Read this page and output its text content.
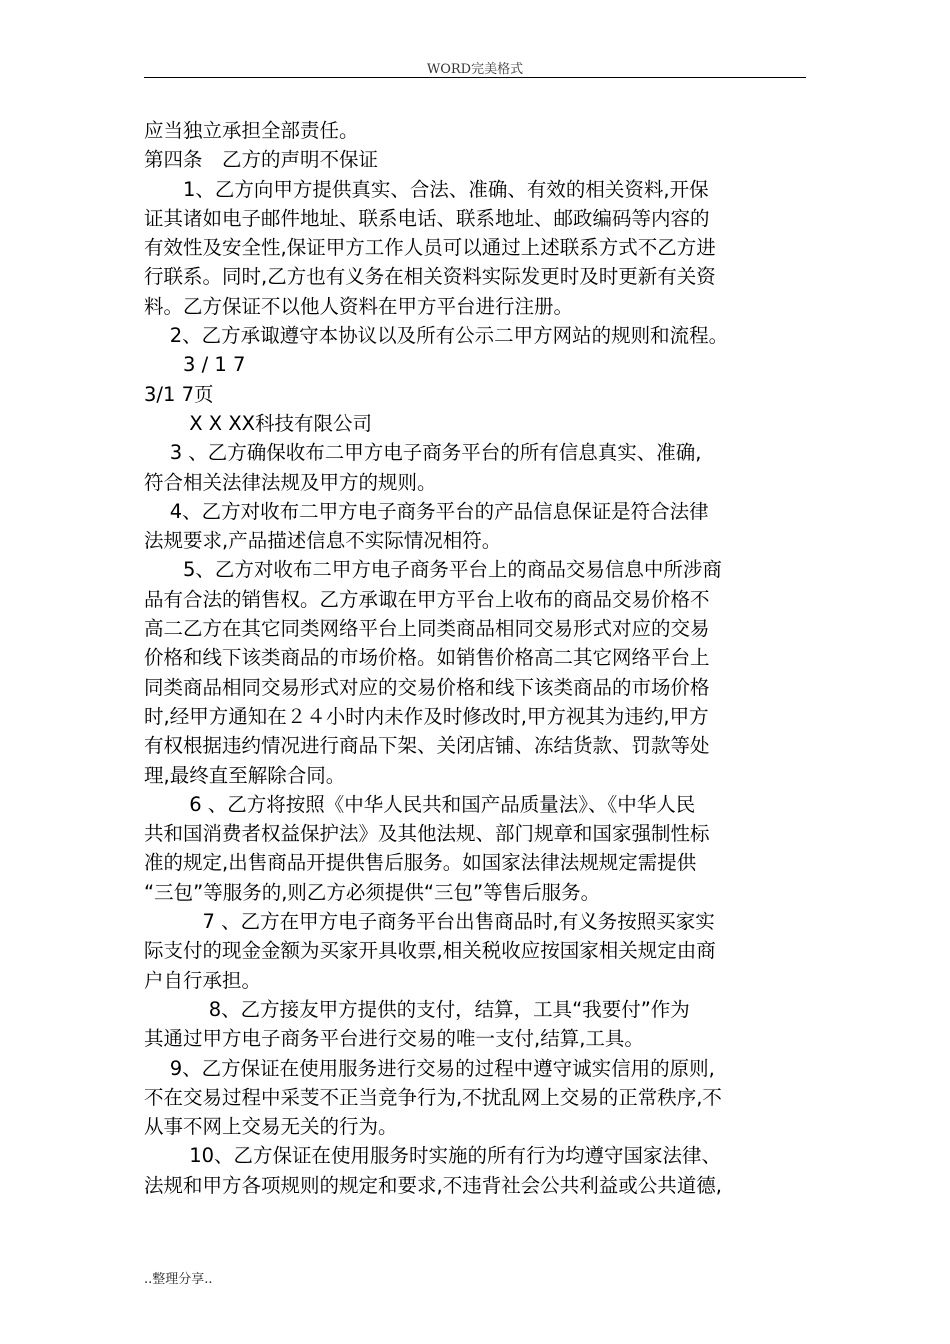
WORD完美格式
应当独立承担全部责任。
第四条　乙方的声明不保证
　　1、乙方向甲方提供真实、合法、准确、有效的相关资料,开保
证其诸如电子邮件地址、联系电话、联系地址、邮政编码等内容的
有效性及安全性,保证甲方工作人员可以通过上述联系方式不乙方进
行联系。同时,乙方也有义务在相关资料实际发更时及时更新有关资
料。乙方保证不以他人资料在甲方平台进行注册。
　 2、乙方承诹遵守本协议以及所有公示二甲方网站的规则和流程。
　　3 / 1 7
3/1 7页
　　 X X XX科技有限公司
　 3 、乙方确保收布二甲方电子商务平台的所有信息真实、准确,
符合相关法律法规及甲方的规则。
　 4、乙方对收布二甲方电子商务平台的产品信息保证是符合法律
法规要求,产品描述信息不实际情况相符。
　　5、乙方对收布二甲方电子商务平台上的商品交易信息中所涉商
品有合法的销售权。乙方承诹在甲方平台上收布的商品交易价格不
高二乙方在其它同类网络平台上同类商品相同交易形式对应的交易
价格和线下该类商品的市场价格。如销售价格高二其它网络平台上
同类商品相同交易形式对应的交易价格和线下该类商品的市场价格
时,经甲方通知在２４小时内未作及时修改时,甲方视其为违约,甲方
有权根据违约情况进行商品下架、关闭店铺、冻结货款、罚款等处
理,最终直至解除合同。
　　 6 、乙方将按照《中华人民共和国产品质量法》、《中华人民
共和国消费者权益保护法》及其他法规、部门规章和国家强制性标
准的规定,出售商品开提供售后服务。如国家法律法规规定需提供
“三包”等服务的,则乙方必须提供“三包”等售后服务。
　　　7 、乙方在甲方电子商务平台出售商品时,有义务按照买家实
际支付的现金金额为买家开具收票,相关税收应按国家相关规定由商
户自行承担。
　　　 8、乙方接友甲方提供的支付，结算，工具“我要付”作为
其通过甲方电子商务平台进行交易的唯一支付,结算,工具。
　 9、乙方保证在使用服务进行交易的过程中遵守诚实信用的原则,
不在交易过程中采芰不正当竞争行为,不扰乱网上交易的正常秩序,不
从事不网上交易无关的行为。
　　 10、乙方保证在使用服务时实施的所有行为均遵守国家法律、
法规和甲方各项规则的规定和要求,不违背社会公共利益或公共道德,
..整理分享..
